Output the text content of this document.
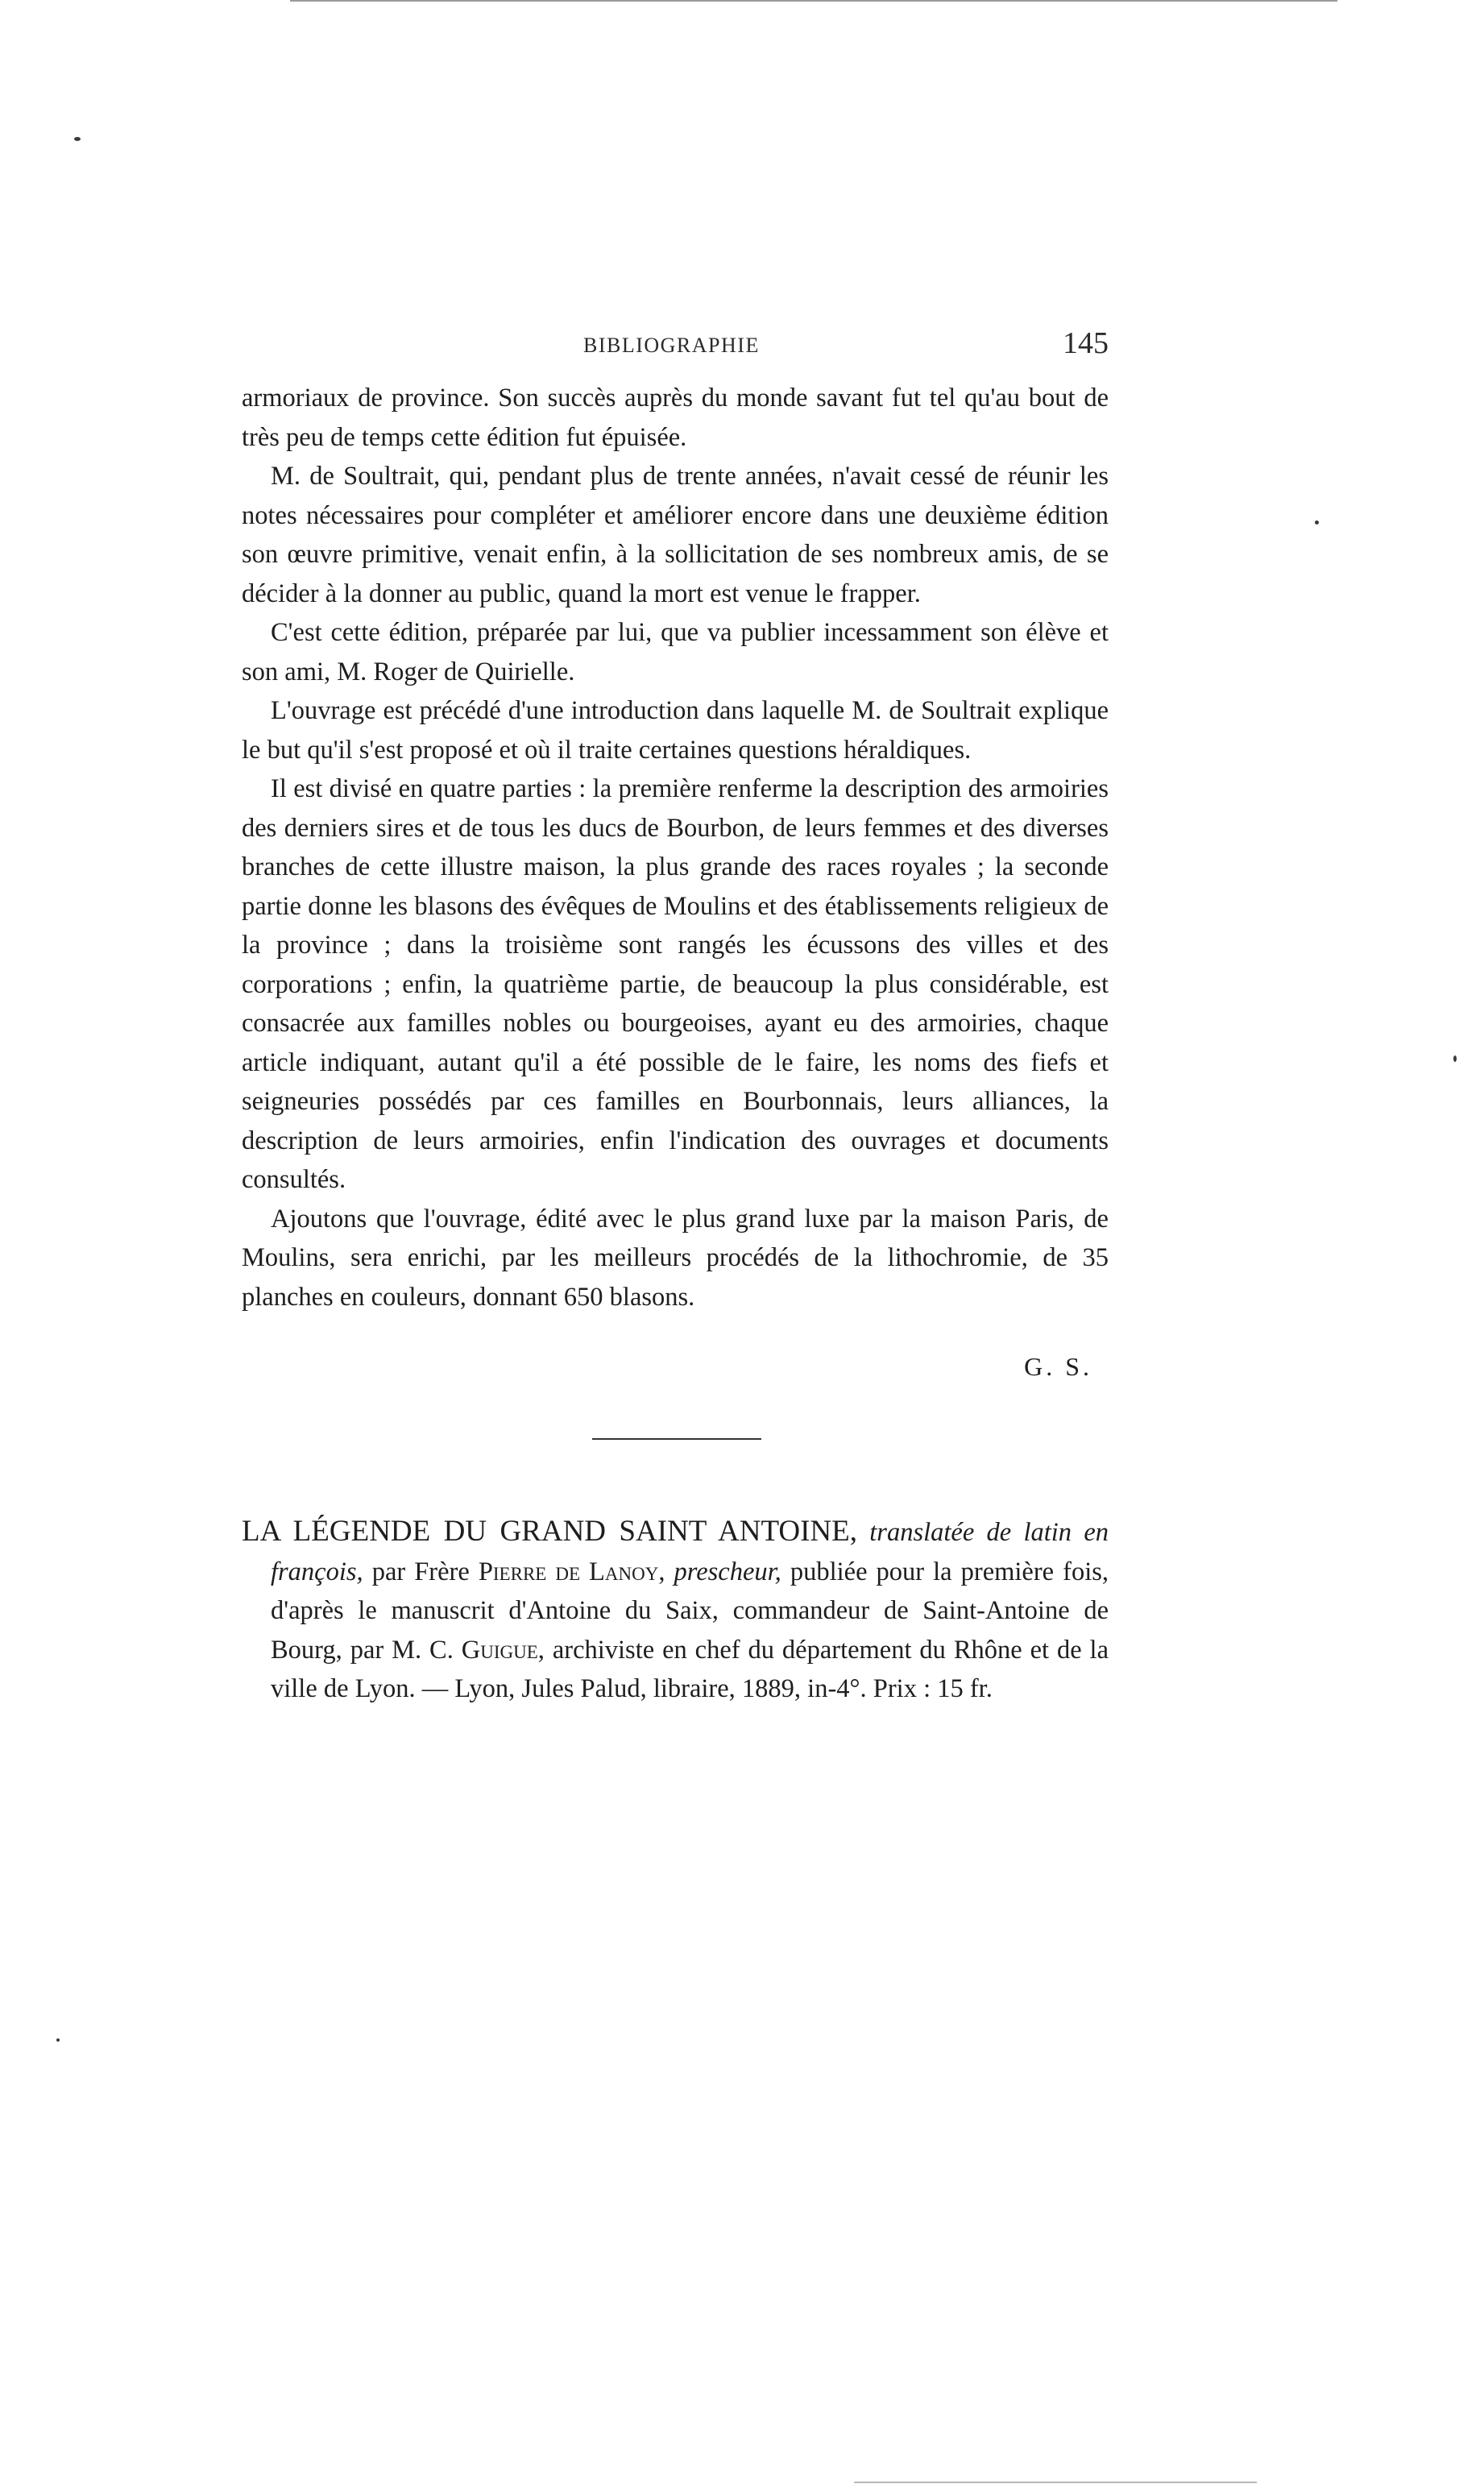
BIBLIOGRAPHIE	145

armoriaux de province. Son succès auprès du monde savant fut tel qu'au bout de très peu de temps cette édition fut épuisée.

M. de Soultrait, qui, pendant plus de trente années, n'avait cessé de réunir les notes nécessaires pour compléter et améliorer encore dans une deuxième édition son œuvre primitive, venait enfin, à la sollicitation de ses nombreux amis, de se décider à la donner au public, quand la mort est venue le frapper.

C'est cette édition, préparée par lui, que va publier incessamment son élève et son ami, M. Roger de Quirielle.

L'ouvrage est précédé d'une introduction dans laquelle M. de Soultrait explique le but qu'il s'est proposé et où il traite certaines questions héraldiques.

Il est divisé en quatre parties : la première renferme la description des armoiries des derniers sires et de tous les ducs de Bourbon, de leurs femmes et des diverses branches de cette illustre maison, la plus grande des races royales ; la seconde partie donne les blasons des évêques de Moulins et des établissements religieux de la province ; dans la troisième sont rangés les écussons des villes et des corporations ; enfin, la quatrième partie, de beaucoup la plus considérable, est consacrée aux familles nobles ou bourgeoises, ayant eu des armoiries, chaque article indiquant, autant qu'il a été possible de le faire, les noms des fiefs et seigneuries possédés par ces familles en Bourbonnais, leurs alliances, la description de leurs armoiries, enfin l'indication des ouvrages et documents consultés.

Ajoutons que l'ouvrage, édité avec le plus grand luxe par la maison Paris, de Moulins, sera enrichi, par les meilleurs procédés de la lithochromie, de 35 planches en couleurs, donnant 650 blasons.

G. S.

LA LÉGENDE DU GRAND SAINT ANTOINE, translatée de latin en françois, par Frère Pierre de Lanoy, prescheur, publiée pour la première fois, d'après le manuscrit d'Antoine du Saix, commandeur de Saint-Antoine de Bourg, par M. C. Guigue, archiviste en chef du département du Rhône et de la ville de Lyon. — Lyon, Jules Palud, libraire, 1889, in-4°. Prix : 15 fr.
